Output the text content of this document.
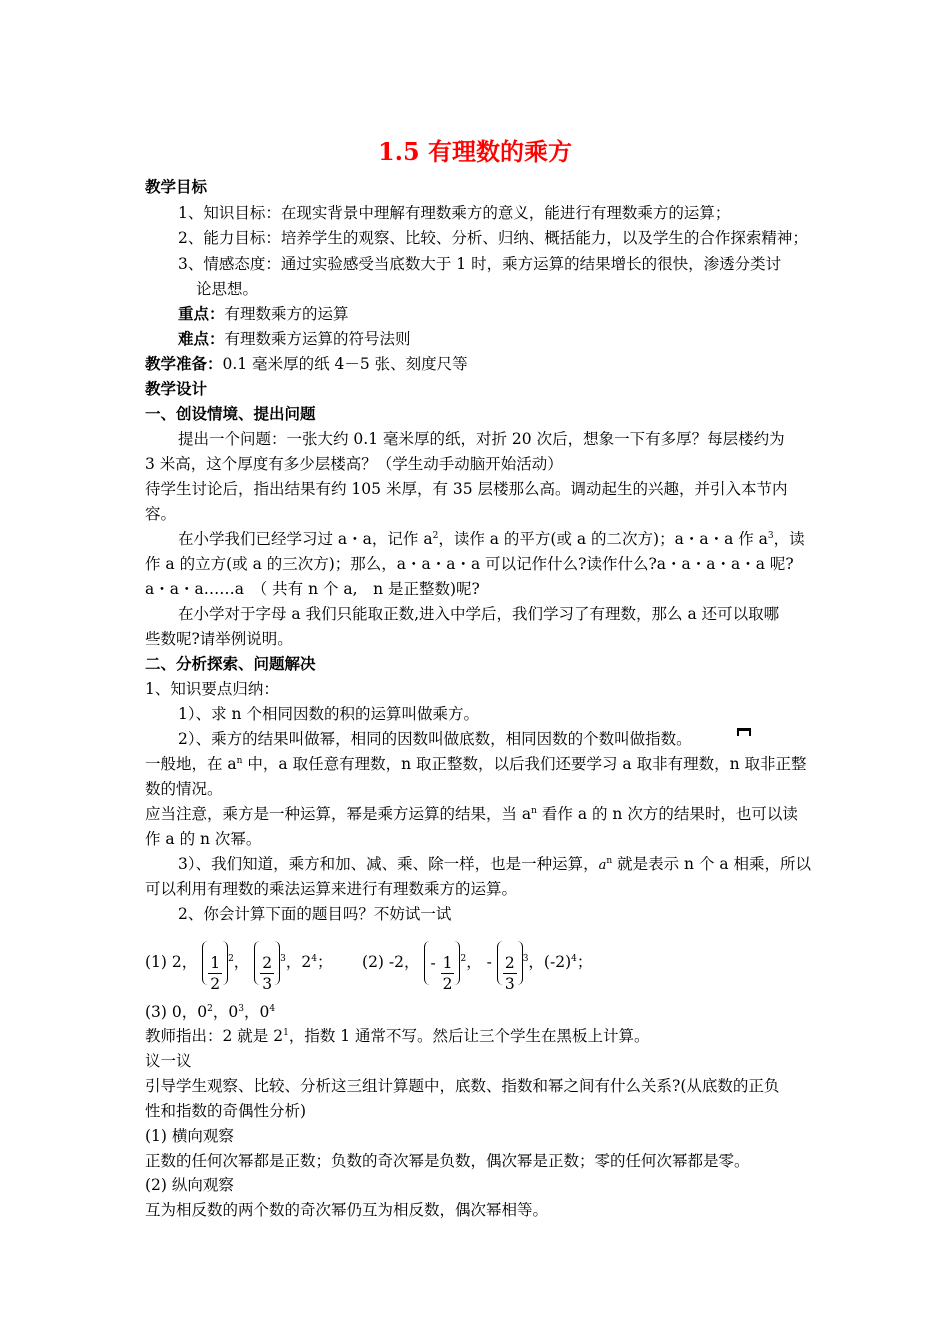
1.5 有理数的乘方
教学目标
1、知识目标：在现实背景中理解有理数乘方的意义，能进行有理数乘方的运算；
2、能力目标：培养学生的观察、比较、分析、归纳、概括能力，以及学生的合作探索精神；
3、情感态度：通过实验感受当底数大于 1 时，乘方运算的结果增长的很快，渗透分类讨
论思想。
重点：有理数乘方的运算
难点：有理数乘方运算的符号法则
教学准备：0.1 毫米厚的纸 4－5 张、刻度尺等
教学设计
一、创设情境、提出问题
提出一个问题：一张大约 0.1 毫米厚的纸，对折 20 次后，想象一下有多厚？每层楼约为
3 米高，这个厚度有多少层楼高？（学生动手动脑开始活动）
待学生讨论后，指出结果有约 105 米厚，有 35 层楼那么高。调动起生的兴趣，并引入本节内
容。
在小学我们已经学习过 a・a，记作 $a^2$，读作 a 的平方(或 a 的二次方)；a・a・a 作 $a^3$，读
作 a 的立方(或 a 的三次方)；那么，a・a・a・a 可以记作什么?读作什么?a・a・a・a・a 呢?
a・a・a……a　（ 共有 n 个 a,　n 是正整数)呢?
在小学对于字母 a 我们只能取正数,进入中学后，我们学习了有理数，那么 a 还可以取哪
些数呢?请举例说明。
二、分析探索、问题解决
1、知识要点归纳：
1）、求 n 个相同因数的积的运算叫做乘方。
2）、乘方的结果叫做幂，相同的因数叫做底数，相同因数的个数叫做指数。
一般地，在 $a^n$ 中，a 取任意有理数，n 取正整数，以后我们还要学习 a 取非有理数，n 取非正整
数的情况。
应当注意，乘方是一种运算，幂是乘方运算的结果，当 $a^n$ 看作 a 的 n 次方的结果时，也可以读
作 a 的 n 次幂。
3）、我们知道，乘方和加、减、乘、除一样，也是一种运算，$a^n$ 就是表示 n 个 a 相乘，所以
可以利用有理数的乘法运算来进行有理数乘方的运算。
2、你会计算下面的题目吗？不妨试一试
(1) 2， $\frac{1}{2} ^2$， $\frac{2}{3} ^3$，$2^4$；      (2) -2， - $\frac{1}{2} ^2$， - $\frac{2}{3} ^3$，$(-2)^4$；
(3) 0，$0^2$，$0^3$，$0^4$
教师指出：2 就是 $2^1$，指数 1 通常不写。然后让三个学生在黑板上计算。
议一议
引导学生观察、比较、分析这三组计算题中，底数、指数和幂之间有什么关系?(从底数的正负
性和指数的奇偶性分析)
(1) 横向观察
正数的任何次幂都是正数；负数的奇次幂是负数，偶次幂是正数；零的任何次幂都是零。
(2) 纵向观察
互为相反数的两个数的奇次幂仍互为相反数，偶次幂相等。
